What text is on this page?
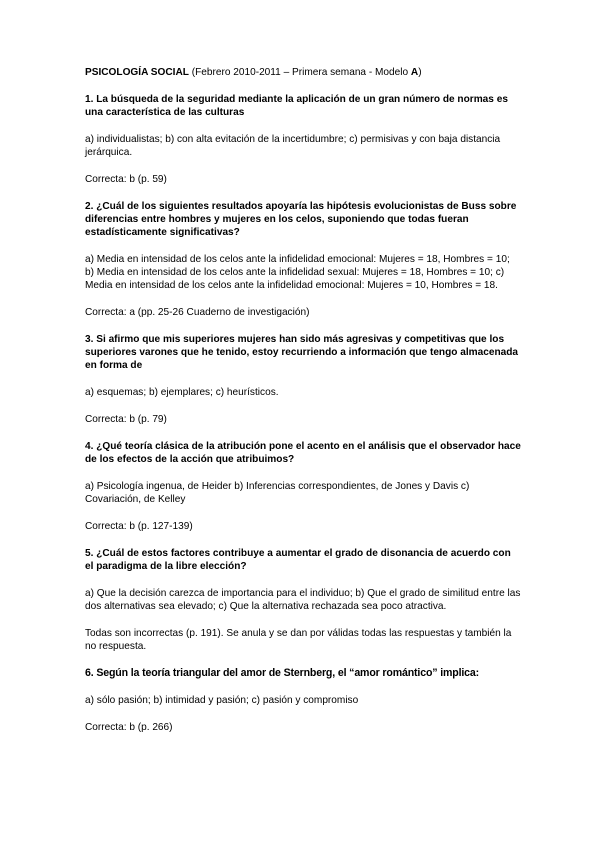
PSICOLOGÍA SOCIAL (Febrero 2010-2011 – Primera semana - Modelo A)

1. La búsqueda de la seguridad mediante la aplicación de un gran número de normas es una característica de las culturas

a) individualistas; b) con alta evitación de la incertidumbre; c) permisivas y con baja distancia jerárquica.

Correcta: b (p. 59)

2. ¿Cuál de los siguientes resultados apoyaría las hipótesis evolucionistas de Buss sobre diferencias entre hombres y mujeres en los celos, suponiendo que todas fueran estadísticamente significativas?

a) Media en intensidad de los celos ante la infidelidad emocional: Mujeres = 18, Hombres = 10; b) Media en intensidad de los celos ante la infidelidad sexual: Mujeres = 18, Hombres = 10; c) Media en intensidad de los celos ante la infidelidad emocional: Mujeres = 10, Hombres = 18.

Correcta: a (pp. 25-26 Cuaderno de investigación)

3. Si afirmo que mis superiores mujeres han sido más agresivas y competitivas que los superiores varones que he tenido, estoy recurriendo a información que tengo almacenada en forma de

a) esquemas; b) ejemplares; c) heurísticos.

Correcta: b (p. 79)

4. ¿Qué teoría clásica de la atribución pone el acento en el análisis que el observador hace de los efectos de la acción que atribuimos?

a) Psicología ingenua, de Heider b) Inferencias correspondientes, de Jones y Davis c) Covariación, de Kelley

Correcta: b (p. 127-139)

5. ¿Cuál de estos factores contribuye a aumentar el grado de disonancia de acuerdo con el paradigma de la libre elección?

a) Que la decisión carezca de importancia para el individuo; b) Que el grado de similitud entre las dos alternativas sea elevado; c) Que la alternativa rechazada sea poco atractiva.

Todas son incorrectas (p. 191). Se anula y se dan por válidas todas las respuestas y también la no respuesta.

6. Según la teoría triangular del amor de Sternberg, el “amor romántico” implica:

a) sólo pasión; b) intimidad y pasión; c) pasión y compromiso

Correcta: b (p. 266)
